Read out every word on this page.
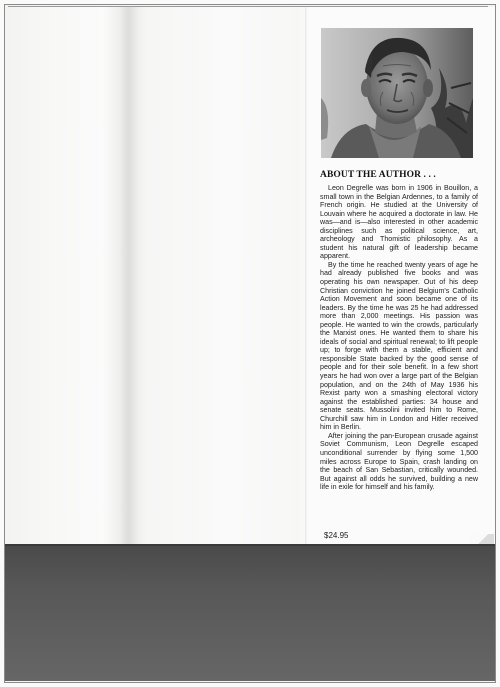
ABOUT THE AUTHOR . . .

Leon Degrelle was born in 1906 in Bouillon, a small town in the Belgian Ardennes, to a family of French origin. He studied at the University of Louvain where he acquired a doctorate in law. He was—and is—also interested in other academic disciplines such as political science, art, archeology and Thomistic philosophy. As a student his natural gift of leadership became apparent.

By the time he reached twenty years of age he had already published five books and was operating his own newspaper. Out of his deep Christian conviction he joined Belgium's Catholic Action Movement and soon became one of its leaders. By the time he was 25 he had addressed more than 2,000 meetings. His passion was people. He wanted to win the crowds, particularly the Marxist ones. He wanted them to share his ideals of social and spiritual renewal; to lift people up; to forge with them a stable, efficient and responsible State backed by the good sense of people and for their sole benefit. In a few short years he had won over a large part of the Belgian population, and on the 24th of May 1936 his Rexist party won a smashing electoral victory against the established parties: 34 house and senate seats. Mussolini invited him to Rome, Churchill saw him in London and Hitler received him in Berlin.

After joining the pan-European crusade against Soviet Communism, Leon Degrelle escaped unconditional surrender by flying some 1,500 miles across Europe to Spain, crash landing on the beach of San Sebastian, critically wounded. But against all odds he survived, building a new life in exile for himself and his family.

$24.95
